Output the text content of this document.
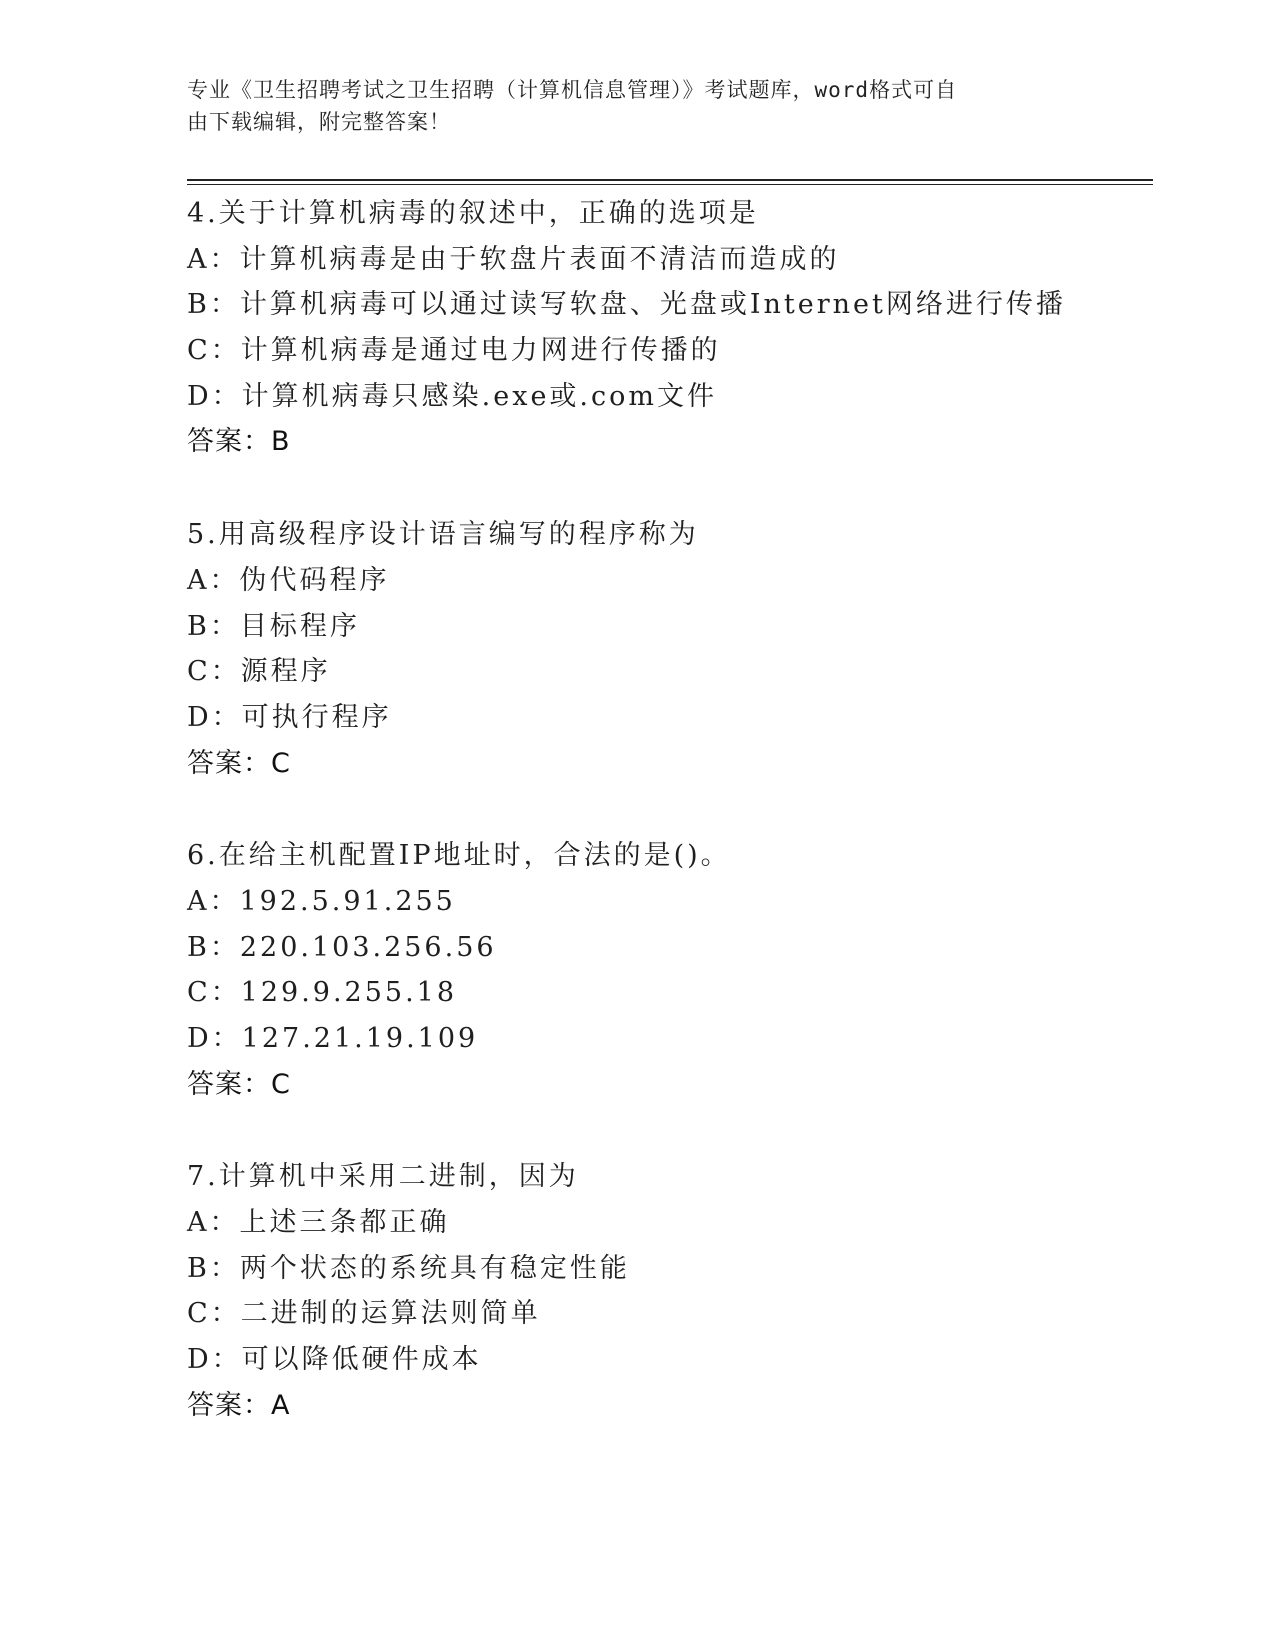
专业《卫生招聘考试之卫生招聘（计算机信息管理）》考试题库，word格式可自
由下载编辑，附完整答案！
4.关于计算机病毒的叙述中，正确的选项是
A：计算机病毒是由于软盘片表面不清洁而造成的
B：计算机病毒可以通过读写软盘、光盘或Internet网络进行传播
C：计算机病毒是通过电力网进行传播的
D：计算机病毒只感染.exe或.com文件
答案：B
5.用高级程序设计语言编写的程序称为
A：伪代码程序
B：目标程序
C：源程序
D：可执行程序
答案：C
6.在给主机配置IP地址时，合法的是()。
A：192.5.91.255
B：220.103.256.56
C：129.9.255.18
D：127.21.19.109
答案：C
7.计算机中采用二进制，因为
A：上述三条都正确
B：两个状态的系统具有稳定性能
C：二进制的运算法则简单
D：可以降低硬件成本
答案：A
